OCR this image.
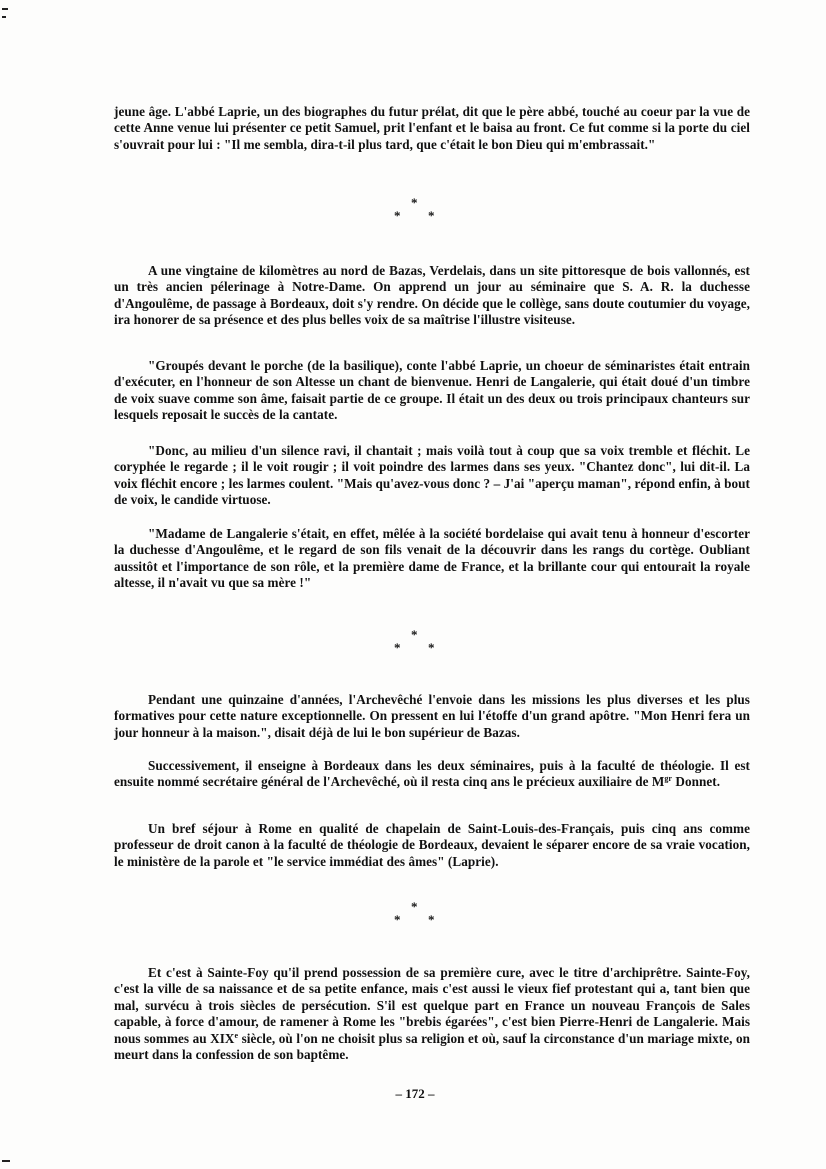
jeune âge. L'abbé Laprie, un des biographes du futur prélat, dit que le père abbé, touché au coeur par la vue de cette Anne venue lui présenter ce petit Samuel, prit l'enfant et le baisa au front. Ce fut comme si la porte du ciel s'ouvrait pour lui : "Il me sembla, dira-t-il plus tard, que c'était le bon Dieu qui m'embrassait."

*
* *

A une vingtaine de kilomètres au nord de Bazas, Verdelais, dans un site pittoresque de bois vallonnés, est un très ancien pélerinage à Notre-Dame. On apprend un jour au séminaire que S. A. R. la duchesse d'Angoulême, de passage à Bordeaux, doit s'y rendre. On décide que le collège, sans doute coutumier du voyage, ira honorer de sa présence et des plus belles voix de sa maîtrise l'illustre visiteuse.

"Groupés devant le porche (de la basilique), conte l'abbé Laprie, un choeur de séminaristes était entrain d'exécuter, en l'honneur de son Altesse un chant de bienvenue. Henri de Langalerie, qui était doué d'un timbre de voix suave comme son âme, faisait partie de ce groupe. Il était un des deux ou trois principaux chanteurs sur lesquels reposait le succès de la cantate.

"Donc, au milieu d'un silence ravi, il chantait ; mais voilà tout à coup que sa voix tremble et fléchit. Le coryphée le regarde ; il le voit rougir ; il voit poindre des larmes dans ses yeux. "Chantez donc", lui dit-il. La voix fléchit encore ; les larmes coulent. "Mais qu'avez-vous donc ? – J'ai "aperçu maman", répond enfin, à bout de voix, le candide virtuose.

"Madame de Langalerie s'était, en effet, mêlée à la société bordelaise qui avait tenu à honneur d'escorter la duchesse d'Angoulême, et le regard de son fils venait de la découvrir dans les rangs du cortège. Oubliant aussitôt et l'importance de son rôle, et la première dame de France, et la brillante cour qui entourait la royale altesse, il n'avait vu que sa mère !"

*
* *

Pendant une quinzaine d'années, l'Archevêché l'envoie dans les missions les plus diverses et les plus formatives pour cette nature exceptionnelle. On pressent en lui l'étoffe d'un grand apôtre. "Mon Henri fera un jour honneur à la maison.", disait déjà de lui le bon supérieur de Bazas.

Successivement, il enseigne à Bordeaux dans les deux séminaires, puis à la faculté de théologie. Il est ensuite nommé secrétaire général de l'Archevêché, où il resta cinq ans le précieux auxiliaire de $M^{gr}$ Donnet.

Un bref séjour à Rome en qualité de chapelain de Saint-Louis-des-Français, puis cinq ans comme professeur de droit canon à la faculté de théologie de Bordeaux, devaient le séparer encore de sa vraie vocation, le ministère de la parole et "le service immédiat des âmes" (Laprie).

*
* *

Et c'est à Sainte-Foy qu'il prend possession de sa première cure, avec le titre d'archiprêtre. Sainte-Foy, c'est la ville de sa naissance et de sa petite enfance, mais c'est aussi le vieux fief protestant qui a, tant bien que mal, survécu à trois siècles de persécution. S'il est quelque part en France un nouveau François de Sales capable, à force d'amour, de ramener à Rome les "brebis égarées", c'est bien Pierre-Henri de Langalerie. Mais nous sommes au XIXe siècle, où l'on ne choisit plus sa religion et où, sauf la circonstance d'un mariage mixte, on meurt dans la confession de son baptême.

– 172 –
